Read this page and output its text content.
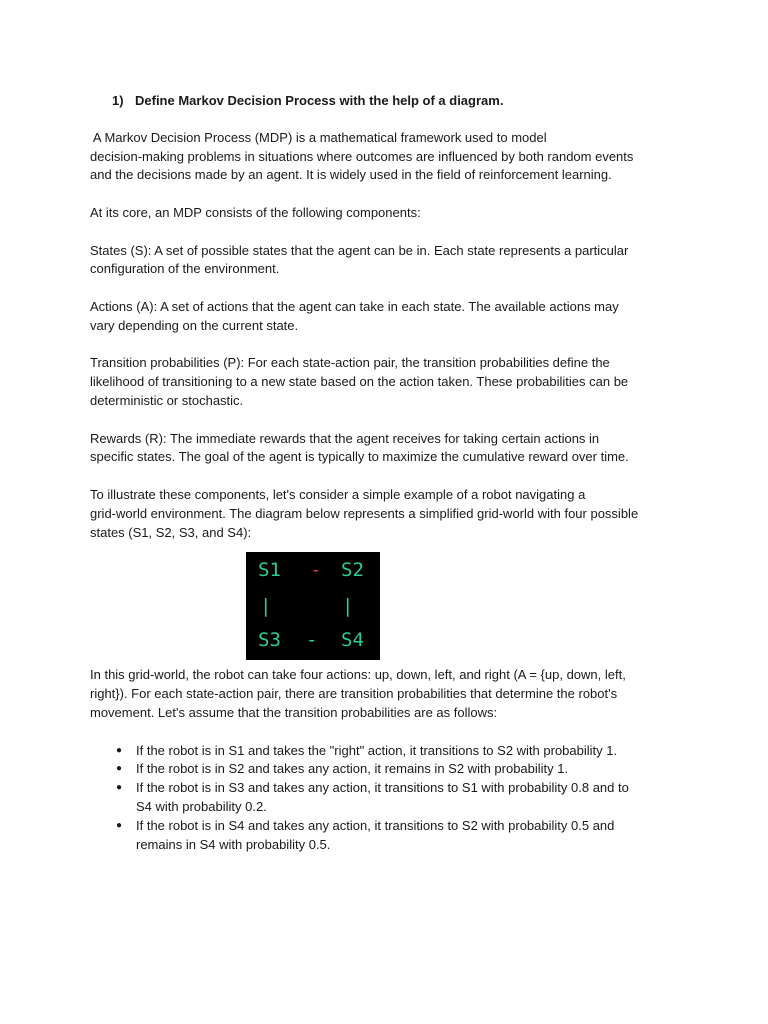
1) Define Markov Decision Process with the help of a diagram.

A Markov Decision Process (MDP) is a mathematical framework used to model
decision-making problems in situations where outcomes are influenced by both random events
and the decisions made by an agent. It is widely used in the field of reinforcement learning.

At its core, an MDP consists of the following components:

States (S): A set of possible states that the agent can be in. Each state represents a particular
configuration of the environment.

Actions (A): A set of actions that the agent can take in each state. The available actions may
vary depending on the current state.

Transition probabilities (P): For each state-action pair, the transition probabilities define the
likelihood of transitioning to a new state based on the action taken. These probabilities can be
deterministic or stochastic.

Rewards (R): The immediate rewards that the agent receives for taking certain actions in
specific states. The goal of the agent is typically to maximize the cumulative reward over time.

To illustrate these components, let's consider a simple example of a robot navigating a
grid-world environment. The diagram below represents a simplified grid-world with four possible
states (S1, S2, S3, and S4):

S1 - S2
|	|
S3 - S4

In this grid-world, the robot can take four actions: up, down, left, and right (A = {up, down, left,
right}). For each state-action pair, there are transition probabilities that determine the robot's
movement. Let's assume that the transition probabilities are as follows:

● If the robot is in S1 and takes the "right" action, it transitions to S2 with probability 1.
● If the robot is in S2 and takes any action, it remains in S2 with probability 1.
● If the robot is in S3 and takes any action, it transitions to S1 with probability 0.8 and to
S4 with probability 0.2.
● If the robot is in S4 and takes any action, it transitions to S2 with probability 0.5 and
remains in S4 with probability 0.5.
